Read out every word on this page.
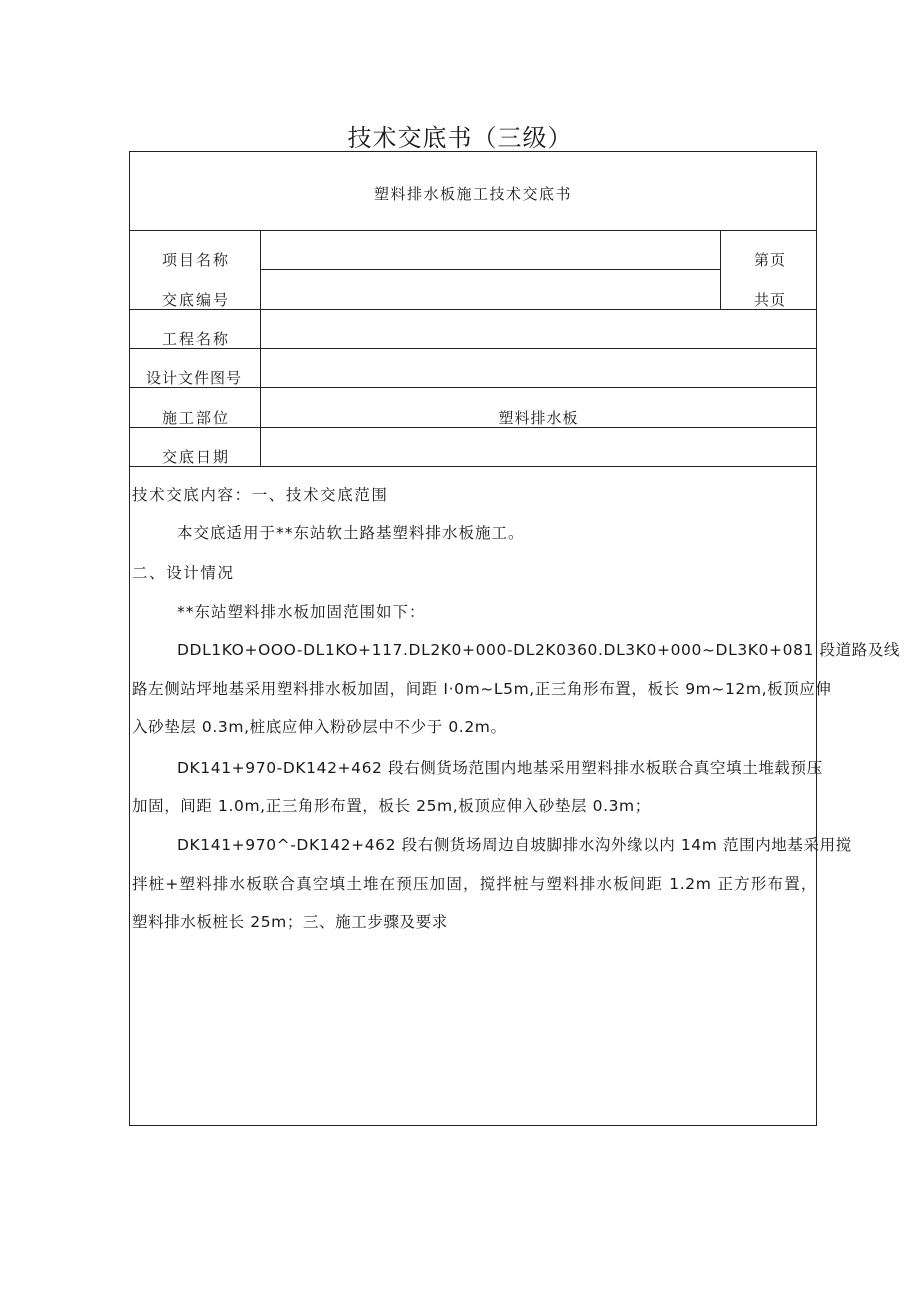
技术交底书（三级）
塑料排水板施工技术交底书
项目名称
交底编号
工程名称
设计文件图号
施工部位
交底日期
塑料排水板
第页
共页
技术交底内容：一、技术交底范围
本交底适用于**东站软土路基塑料排水板施工。
二、设计情况
**东站塑料排水板加固范围如下：
DDL1KO+OOO-DL1KO+117.DL2K0+000-DL2K0360.DL3K0+000~DL3K0+081 段道路及线
路左侧站坪地基采用塑料排水板加固，间距 I·0m~L5m,正三角形布置，板长 9m~12m,板顶应伸
入砂垫层 0.3m,桩底应伸入粉砂层中不少于 0.2m。
DK141+970-DK142+462 段右侧货场范围内地基采用塑料排水板联合真空填土堆载预压
加固，间距 1.0m,正三角形布置，板长 25m,板顶应伸入砂垫层 0.3m；
DK141+970^-DK142+462 段右侧货场周边自坡脚排水沟外缘以内 14m 范围内地基采用搅
拌桩+塑料排水板联合真空填土堆在预压加固，搅拌桩与塑料排水板间距 1.2m 正方形布置，
塑料排水板桩长 25m；三、施工步骤及要求
